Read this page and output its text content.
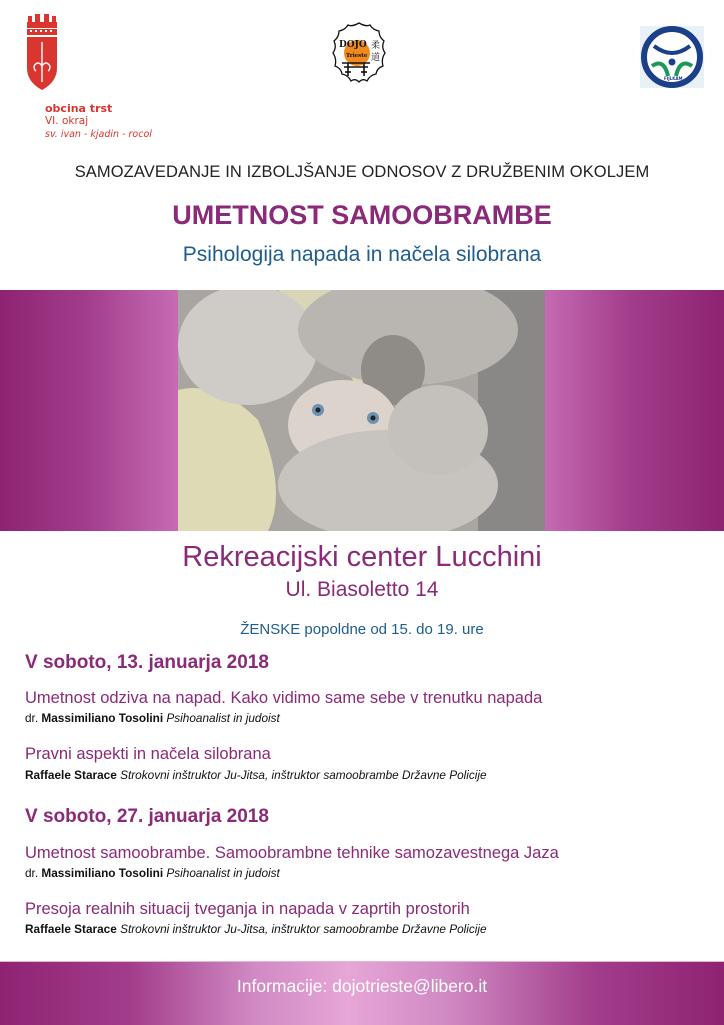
obcina trst
VI. okraj
sv. ivan - kjadin - rocol
DOJO
Trieste
柔
道
FIJLKAM
SAMOZAVEDANJE IN IZBOLJŠANJE ODNOSOV Z DRUŽBENIM OKOLJEM
UMETNOST SAMOOBRAMBE
Psihologija napada in načela silobrana
Rekreacijski center Lucchini
Ul. Biasoletto 14
ŽENSKE popoldne od 15. do 19. ure
V soboto, 13. januarja 2018
Umetnost odziva na napad. Kako vidimo same sebe v trenutku napada
dr. Massimiliano Tosolini Psihoanalist in judoist
Pravni aspekti in načela silobrana
Raffaele Starace Strokovni inštruktor Ju-Jitsa, inštruktor samoobrambe Državne Policije
V soboto, 27. januarja 2018
Umetnost samoobrambe. Samoobrambne tehnike samozavestnega Jaza
dr. Massimiliano Tosolini Psihoanalist in judoist
Presoja realnih situacij tveganja in napada v zaprtih prostorih
Raffaele Starace Strokovni inštruktor Ju-Jitsa, inštruktor samoobrambe Državne Policije
Informacije: dojotrieste@libero.it
